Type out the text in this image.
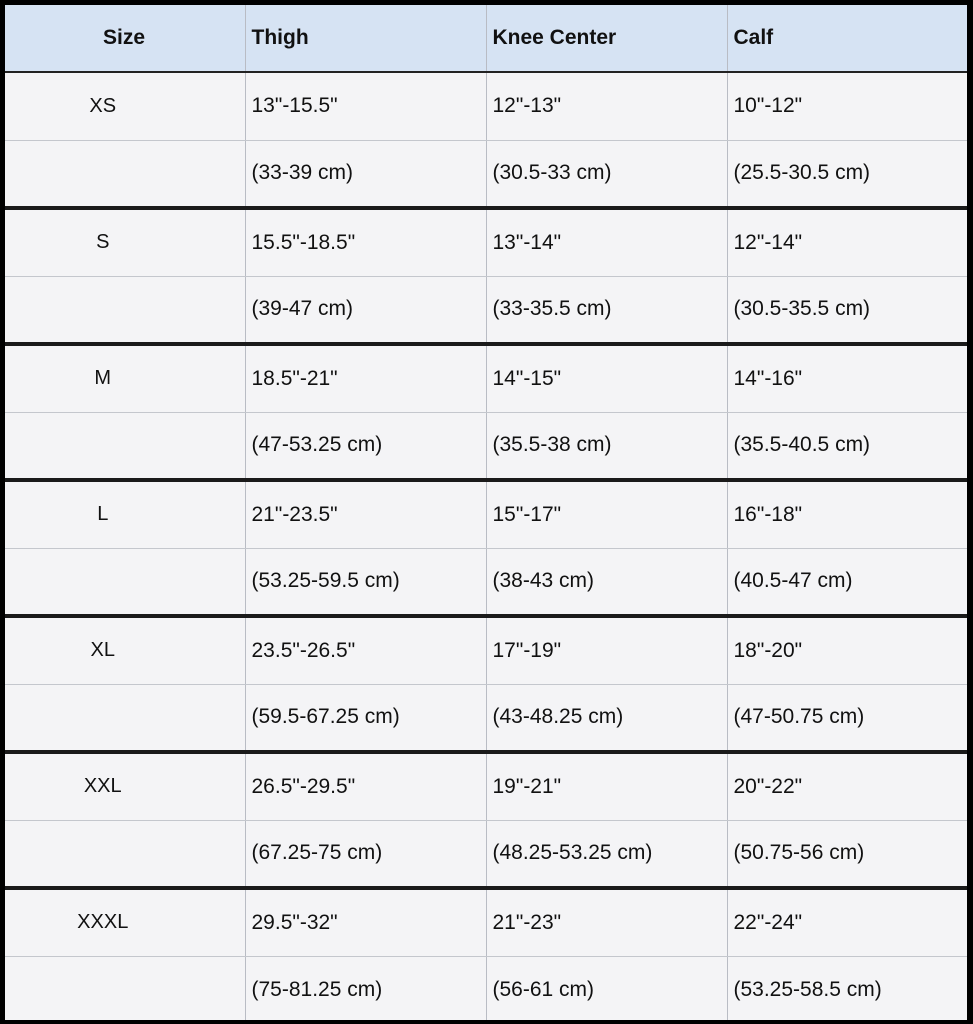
Size	Thigh	Knee Center	Calf
XS	13"-15.5"	12"-13"	10"-12"
	(33-39 cm)	(30.5-33 cm)	(25.5-30.5 cm)
S	15.5"-18.5"	13"-14"	12"-14"
	(39-47 cm)	(33-35.5 cm)	(30.5-35.5 cm)
M	18.5"-21"	14"-15"	14"-16"
	(47-53.25 cm)	(35.5-38 cm)	(35.5-40.5 cm)
L	21"-23.5"	15"-17"	16"-18"
	(53.25-59.5 cm)	(38-43 cm)	(40.5-47 cm)
XL	23.5"-26.5"	17"-19"	18"-20"
	(59.5-67.25 cm)	(43-48.25 cm)	(47-50.75 cm)
XXL	26.5"-29.5"	19"-21"	20"-22"
	(67.25-75 cm)	(48.25-53.25 cm)	(50.75-56 cm)
XXXL	29.5"-32"	21"-23"	22"-24"
	(75-81.25 cm)	(56-61 cm)	(53.25-58.5 cm)
